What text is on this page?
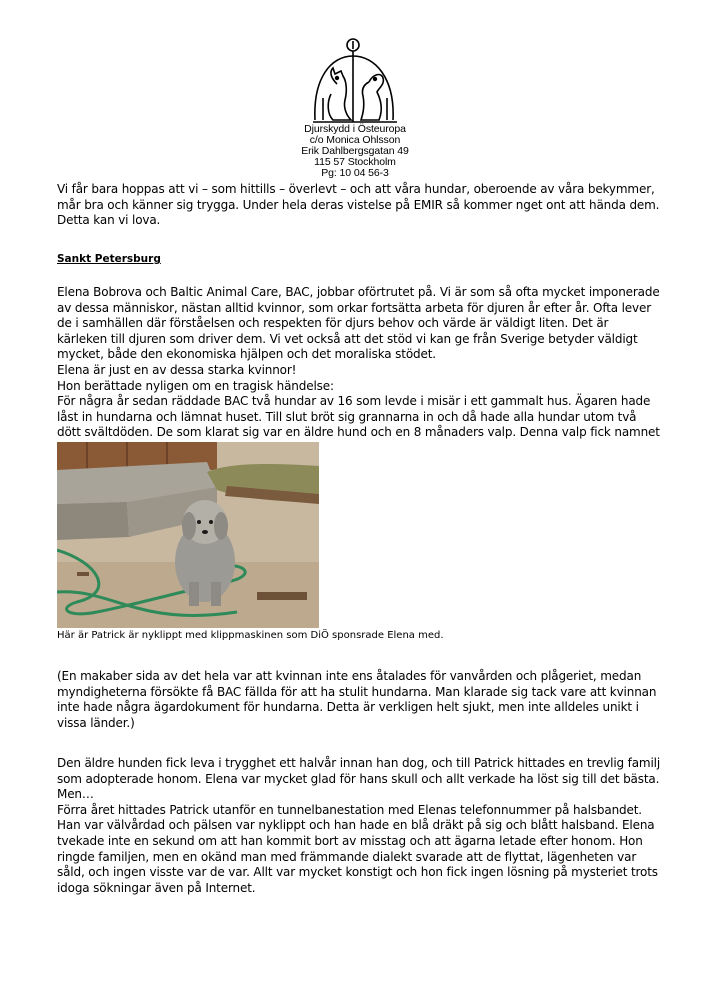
Djurskydd i Östeuropa
c/o Monica Ohlsson
Erik Dahlbergsgatan 49
115 57 Stockholm
Pg: 10 04 56-3

Vi får bara hoppas att vi – som hittills – överlevt – och att våra hundar, oberoende av våra bekymmer, mår bra och känner sig trygga. Under hela deras vistelse på EMIR så kommer nget ont att hända dem. Detta kan vi lova.

Sankt Petersburg

Elena Bobrova och Baltic Animal Care, BAC, jobbar oförtrutet på. Vi är som så ofta mycket imponerade av dessa människor, nästan alltid kvinnor, som orkar fortsätta arbeta för djuren år efter år. Ofta lever de i samhällen där förståelsen och respekten för djurs behov och värde är väldigt liten. Det är kärleken till djuren som driver dem. Vi vet också att det stöd vi kan ge från Sverige betyder väldigt mycket, både den ekonomiska hjälpen och det moraliska stödet.

Elena är just en av dessa starka kvinnor!

Hon berättade nyligen om en tragisk händelse:

För några år sedan räddade BAC två hundar av 16 som levde i misär i ett gammalt hus. Ägaren hade låst in hundarna och lämnat huset. Till slut bröt sig grannarna in och då hade alla hundar utom två dött svältdöden. De som klarat sig var en äldre hund och en 8 månaders valp. Denna valp fick namnet

Här är Patrick är nyklippt med klippmaskinen som DiÖ sponsrade Elena med.

(En makaber sida av det hela var att kvinnan inte ens åtalades för vanvården och plågeriet, medan myndigheterna försökte få BAC fällda för att ha stulit hundarna. Man klarade sig tack vare att kvinnan inte hade några ägardokument för hundarna. Detta är verkligen helt sjukt, men inte alldeles unikt i vissa länder.)

Den äldre hunden fick leva i trygghet ett halvår innan han dog, och till Patrick hittades en trevlig familj som adopterade honom. Elena var mycket glad för hans skull och allt verkade ha löst sig till det bästa. Men…

Förra året hittades Patrick utanför en tunnelbanestation med Elenas telefonnummer på halsbandet. Han var välvårdad och pälsen var nyklippt och han hade en blå dräkt på sig och blått halsband. Elena tvekade inte en sekund om att han kommit bort av misstag och att ägarna letade efter honom. Hon ringde familjen, men en okänd man med främmande dialekt svarade att de flyttat, lägenheten var såld, och ingen visste var de var. Allt var mycket konstigt och hon fick ingen lösning på mysteriet trots idoga sökningar även på Internet.
